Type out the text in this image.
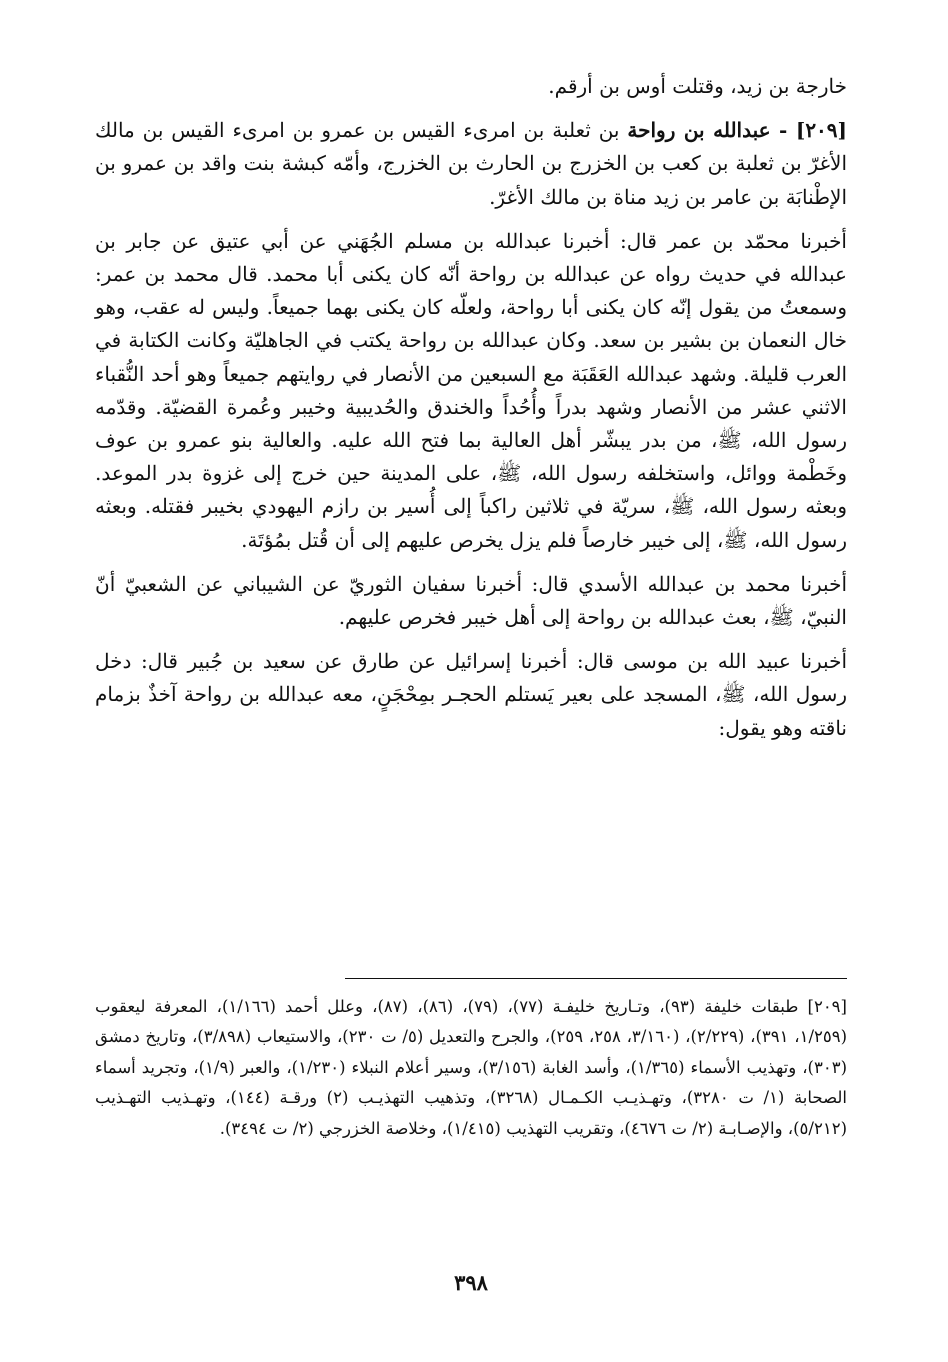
خارجة بن زيد، وقتلت أوس بن أرقم.

[٢٠٩] - عبدالله بن رواحة بن ثعلبة بن امرىء القيس بن عمرو بن امرىء القيس بن مالك الأغرّ بن ثعلبة بن كعب بن الخزرج بن الحارث بن الخزرج، وأمّه كبشة بنت واقد بن عمرو بن الإطْنابَة بن عامر بن زيد مناة بن مالك الأغرّ.

أخبرنا محمّد بن عمر قال: أخبرنا عبدالله بن مسلم الجُهَني عن أبي عتيق عن جابر بن عبدالله في حديث رواه عن عبدالله بن رواحة أنّه كان يكنى أبا محمد. قال محمد بن عمر: وسمعتُ من يقول إنّه كان يكنى أبا رواحة، ولعلّه كان يكنى بهما جميعاً. وليس له عقب، وهو خال النعمان بن بشير بن سعد. وكان عبدالله بن رواحة يكتب في الجاهليّة وكانت الكتابة في العرب قليلة. وشهد عبدالله العَقَبَة مع السبعين من الأنصار في روايتهم جميعاً وهو أحد النُّقباء الاثني عشر من الأنصار وشهد بدراً وأُحُداً والخندق والحُديبية وخيبر وعُمرة القضيّة. وقدّمه رسول الله، ﷺ، من بدر يبشّر أهل العالية بما فتح الله عليه. والعالية بنو عمرو بن عوف وخَطْمة ووائل، واستخلفه رسول الله، ﷺ، على المدينة حين خرج إلى غزوة بدر الموعد. وبعثه رسول الله، ﷺ، سريّة في ثلاثين راكباً إلى أُسير بن رازم اليهودي بخيبر فقتله. وبعثه رسول الله، ﷺ، إلى خيبر خارصاً فلم يزل يخرص عليهم إلى أن قُتل بمُؤتَة.

أخبرنا محمد بن عبدالله الأسدي قال: أخبرنا سفيان الثوريّ عن الشيباني عن الشعبيّ أنّ النبيّ، ﷺ، بعث عبدالله بن رواحة إلى أهل خيبر فخرص عليهم.

أخبرنا عبيد الله بن موسى قال: أخبرنا إسرائيل عن طارق عن سعيد بن جُبير قال: دخل رسول الله، ﷺ، المسجد على بعير يَستلم الحجـر بمِحْجَنٍ، معه عبدالله بن رواحة آخذٌ بزمام ناقته وهو يقول:

[٢٠٩] طبقات خليفة (٩٣)، وتـاريخ خليفـة (٧٧)، (٧٩)، (٨٦)، (٨٧)، وعلل أحمد (١/١٦٦)، المعرفة ليعقوب (١/٢٥٩، ٣٩١)، (٢/٢٢٩)، (٣/١٦٠، ٢٥٨، ٢٥٩)، والجرح والتعديل (٥/ ت ٢٣٠)، والاستيعاب (٣/٨٩٨)، وتاريخ دمشق (٣٠٣)، وتهذيب الأسماء (١/٣٦٥)، وأسد الغابة (٣/١٥٦)، وسير أعلام النبلاء (١/٢٣٠)، والعبر (١/٩)، وتجريد أسماء الصحابة (١/ ت ٣٢٨٠)، وتهـذيـب الكـمـال (٣٢٦٨)، وتذهيب التهذيـب (٢) ورقـة (١٤٤)، وتهـذيب التهـذيب (٥/٢١٢)، والإصـابـة (٢/ ت ٤٦٧٦)، وتقريب التهذيب (١/٤١٥)، وخلاصة الخزرجي (٢/ ت ٣٤٩٤).

٣٩٨
